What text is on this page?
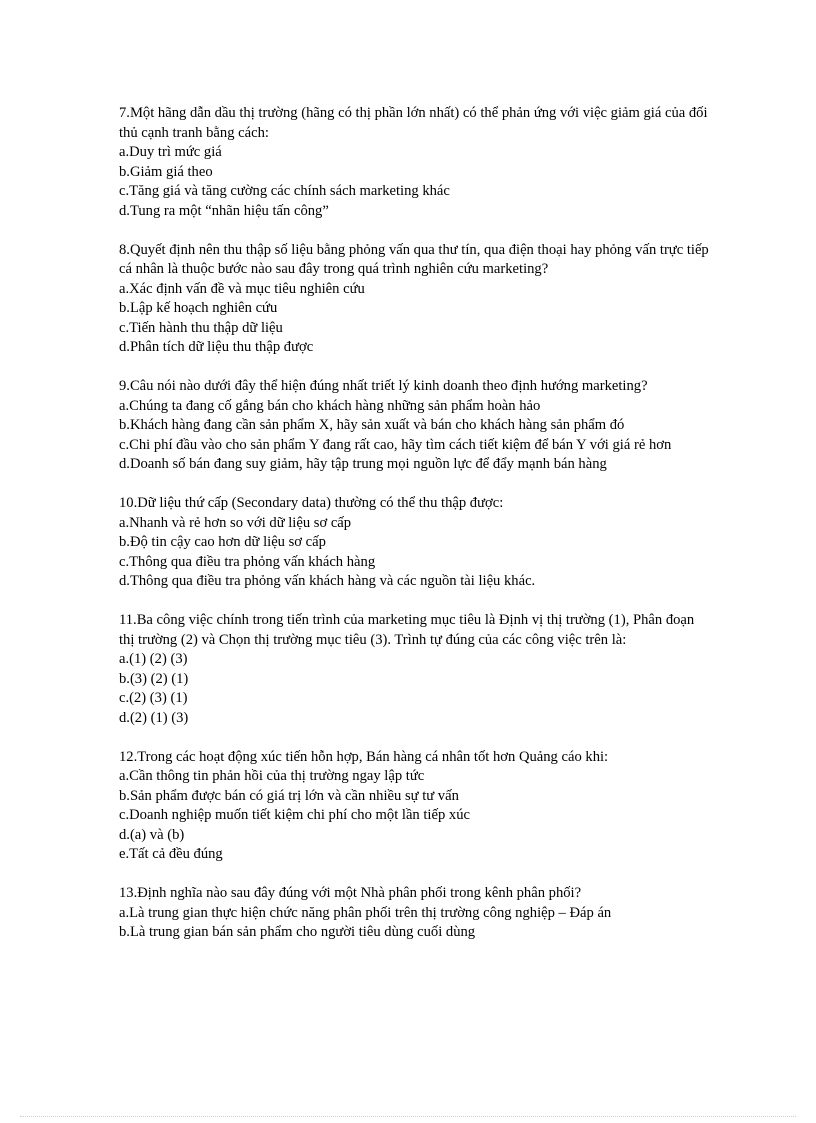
7.Một hãng dẫn dầu thị trường (hãng có thị phần lớn nhất) có thể phản ứng với việc giảm giá của đối thủ cạnh tranh bằng cách:

a.Duy trì mức giá

b.Giảm giá theo

c.Tăng giá và tăng cường các chính sách marketing khác

d.Tung ra một “nhãn hiệu tấn công”

8.Quyết định nên thu thập số liệu bằng phỏng vấn qua thư tín, qua điện thoại hay phỏng vấn trực tiếp cá nhân là thuộc bước nào sau đây trong quá trình nghiên cứu marketing?

a.Xác định vấn đề và mục tiêu nghiên cứu

b.Lập kế hoạch nghiên cứu

c.Tiến hành thu thập dữ liệu

d.Phân tích dữ liệu thu thập được

9.Câu nói nào dưới đây thể hiện đúng nhất triết lý kinh doanh theo định hướng marketing?

a.Chúng ta đang cố gắng bán cho khách hàng những sản phẩm hoàn hảo

b.Khách hàng đang cần sản phẩm X, hãy sản xuất và bán cho khách hàng sản phẩm đó

c.Chi phí đầu vào cho sản phẩm Y đang rất cao, hãy tìm cách tiết kiệm để bán Y với giá rẻ hơn

d.Doanh số bán đang suy giảm, hãy tập trung mọi nguồn lực để đẩy mạnh bán hàng

10.Dữ liệu thứ cấp (Secondary data) thường có thể thu thập được:

a.Nhanh và rẻ hơn so với dữ liệu sơ cấp

b.Độ tin cậy cao hơn dữ liệu sơ cấp

c.Thông qua điều tra phỏng vấn khách hàng

d.Thông qua điều tra phỏng vấn khách hàng và các nguồn tài liệu khác.

11.Ba công việc chính trong tiến trình của marketing mục tiêu là Định vị thị trường (1), Phân đoạn thị trường (2) và Chọn thị trường mục tiêu (3). Trình tự đúng của các công việc trên là:

a.(1) (2) (3)

b.(3) (2) (1)

c.(2) (3) (1)

d.(2) (1) (3)

12.Trong các hoạt động xúc tiến hỗn hợp, Bán hàng cá nhân tốt hơn Quảng cáo khi:

a.Cần thông tin phản hồi của thị trường ngay lập tức

b.Sản phẩm được bán có giá trị lớn và cần nhiều sự tư vấn

c.Doanh nghiệp muốn tiết kiệm chi phí cho một lần tiếp xúc

d.(a) và (b)

e.Tất cả đều đúng

13.Định nghĩa nào sau đây đúng với một Nhà phân phối trong kênh phân phối?

a.Là trung gian thực hiện chức năng phân phối trên thị trường công nghiệp – Đáp án

b.Là trung gian bán sản phẩm cho người tiêu dùng cuối dùng
